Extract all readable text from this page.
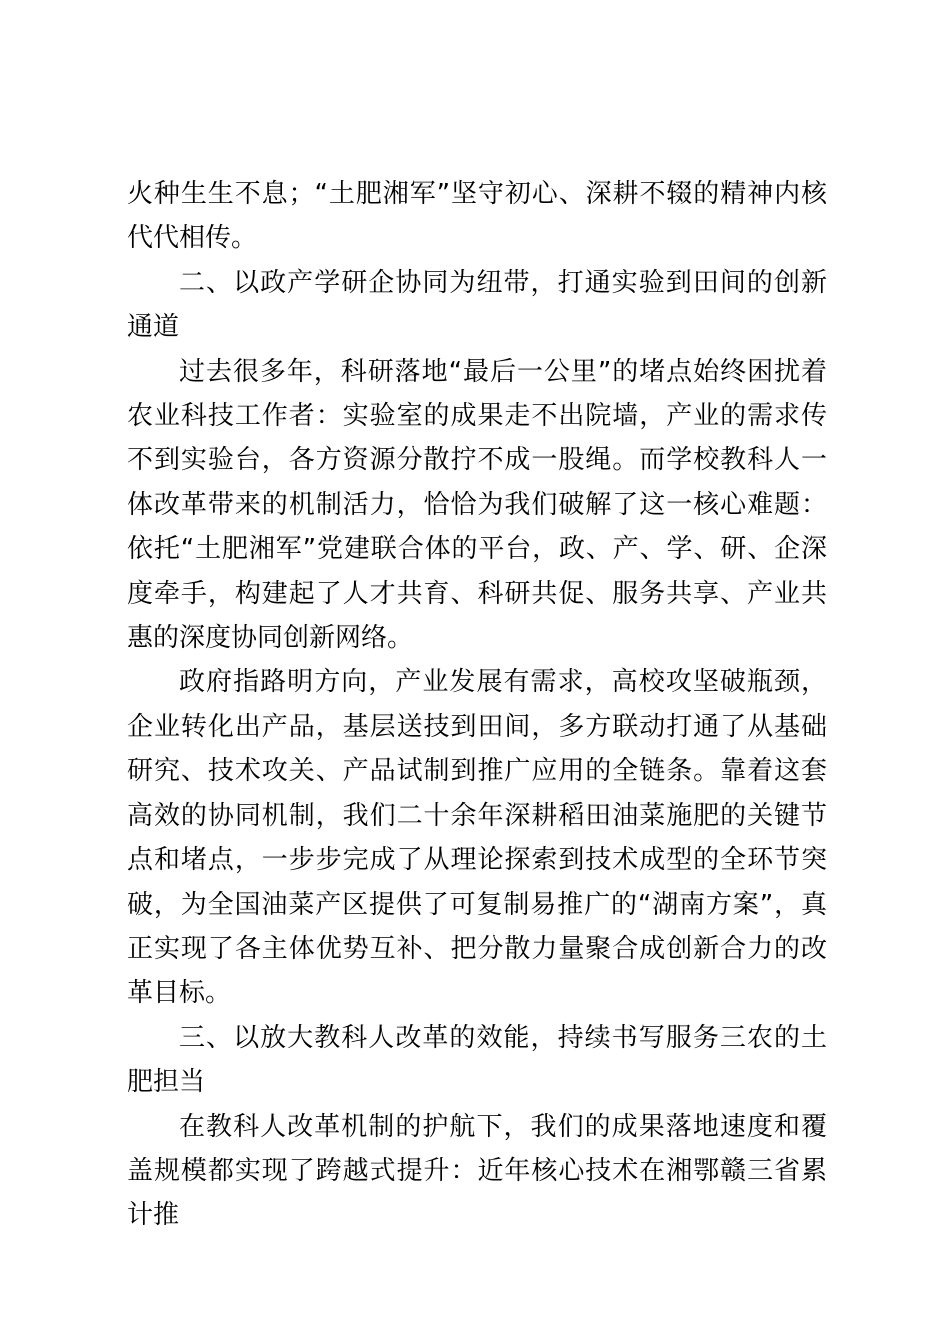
火种生生不息；“土肥湘军”坚守初心、深耕不辍的精神内核代代相传。

二、以政产学研企协同为纽带，打通实验到田间的创新通道

过去很多年，科研落地“最后一公里”的堵点始终困扰着农业科技工作者：实验室的成果走不出院墙，产业的需求传不到实验台，各方资源分散拧不成一股绳。而学校教科人一体改革带来的机制活力，恰恰为我们破解了这一核心难题：依托“土肥湘军”党建联合体的平台，政、产、学、研、企深度牵手，构建起了人才共育、科研共促、服务共享、产业共惠的深度协同创新网络。

政府指路明方向，产业发展有需求，高校攻坚破瓶颈，企业转化出产品，基层送技到田间，多方联动打通了从基础研究、技术攻关、产品试制到推广应用的全链条。靠着这套高效的协同机制，我们二十余年深耕稻田油菜施肥的关键节点和堵点，一步步完成了从理论探索到技术成型的全环节突破，为全国油菜产区提供了可复制易推广的“湖南方案”，真正实现了各主体优势互补、把分散力量聚合成创新合力的改革目标。

三、以放大教科人改革的效能，持续书写服务三农的土肥担当

在教科人改革机制的护航下，我们的成果落地速度和覆盖规模都实现了跨越式提升：近年核心技术在湘鄂赣三省累计推
